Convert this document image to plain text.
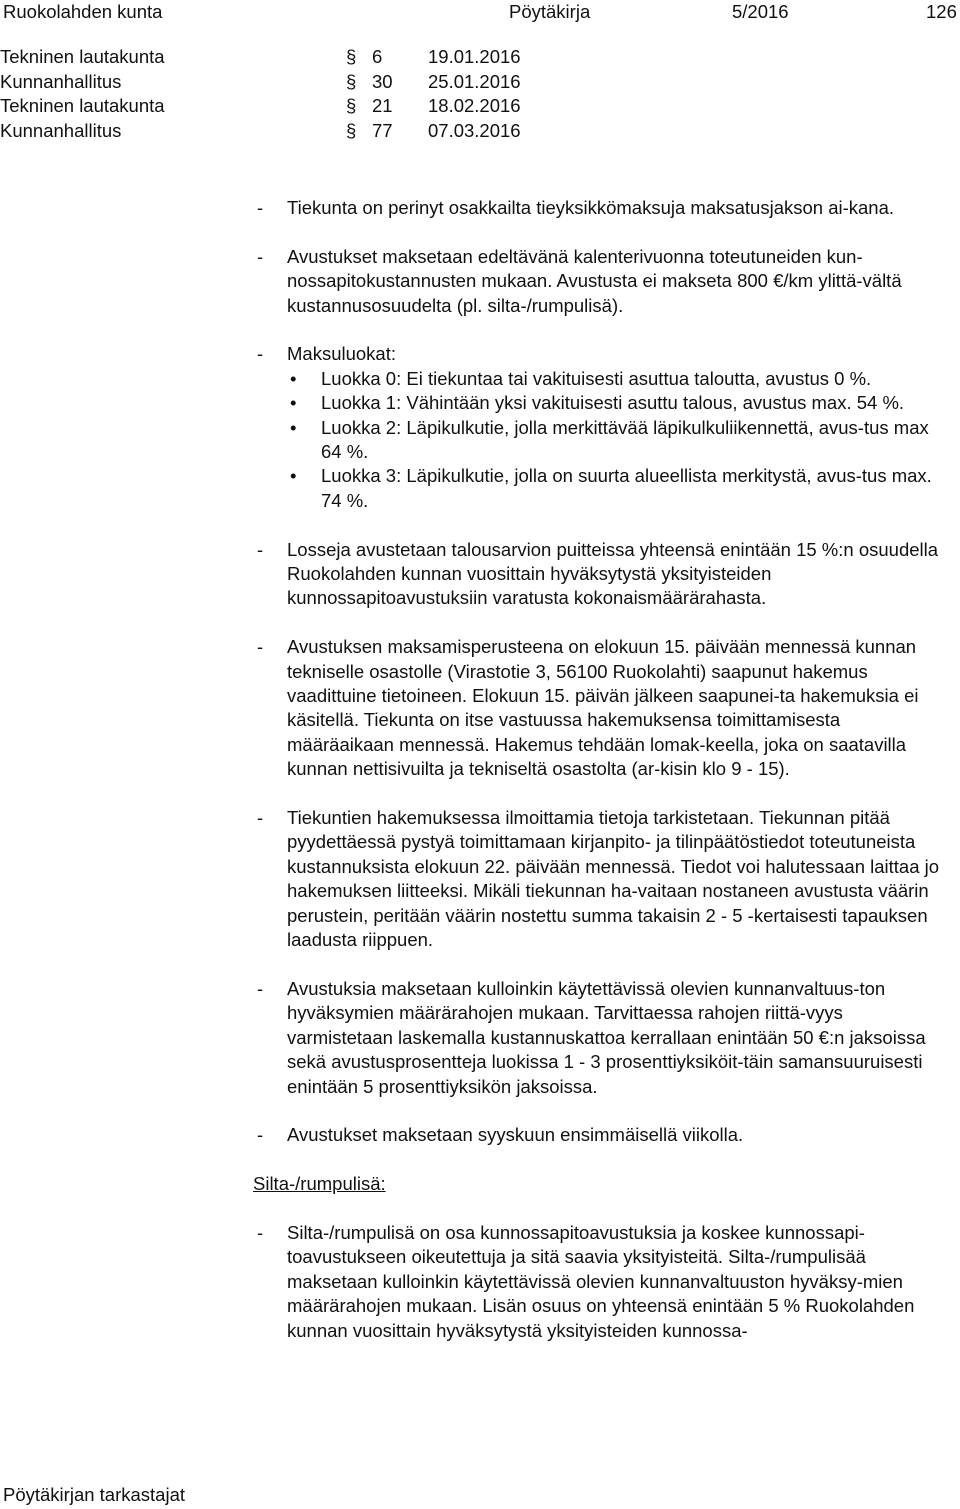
Ruokolahden kunta	Pöytäkirja	5/2016	126
Tekninen lautakunta	§ 6 19.01.2016
Kunnanhallitus	§ 30 25.01.2016
Tekninen lautakunta	§ 21 18.02.2016
Kunnanhallitus	§ 77 07.03.2016
- Tiekunta on perinyt osakkailta tieyksikkömaksuja maksatusjakson ai-kana.
- Avustukset maksetaan edeltävänä kalenterivuonna toteutuneiden kun-nossapitokustannusten mukaan. Avustusta ei makseta 800 €/km ylittä-vältä kustannusosuudelta (pl. silta-/rumpulisä).
- Maksuluokat:
• Luokka 0: Ei tiekuntaa tai vakituisesti asuttua taloutta, avustus 0 %.
• Luokka 1: Vähintään yksi vakituisesti asuttu talous, avustus max. 54 %.
• Luokka 2: Läpikulkutie, jolla merkittävää läpikulkuliikennettä, avus-tus max 64 %.
• Luokka 3: Läpikulkutie, jolla on suurta alueellista merkitystä, avus-tus max. 74 %.
- Losseja avustetaan talousarvion puitteissa yhteensä enintään 15 %:n osuudella Ruokolahden kunnan vuosittain hyväksytystä yksityisteiden kunnossapitoavustuksiin varatusta kokonaismäärärahasta.
- Avustuksen maksamisperusteena on elokuun 15. päivään mennessä kunnan tekniselle osastolle (Virastotie 3, 56100 Ruokolahti) saapunut hakemus vaadittuine tietoineen. Elokuun 15. päivän jälkeen saapunei-ta hakemuksia ei käsitellä. Tiekunta on itse vastuussa hakemuksensa toimittamisesta määräaikaan mennessä. Hakemus tehdään lomak-keella, joka on saatavilla kunnan nettisivuilta ja tekniseltä osastolta (ar-kisin klo 9 - 15).
- Tiekuntien hakemuksessa ilmoittamia tietoja tarkistetaan. Tiekunnan pitää pyydettäessä pystyä toimittamaan kirjanpito- ja tilinpäätöstiedot toteutuneista kustannuksista elokuun 22. päivään mennessä. Tiedot voi halutessaan laittaa jo hakemuksen liitteeksi. Mikäli tiekunnan ha-vaitaan nostaneen avustusta väärin perustein, peritään väärin nostettu summa takaisin 2 - 5 -kertaisesti tapauksen laadusta riippuen.
- Avustuksia maksetaan kulloinkin käytettävissä olevien kunnanvaltuus-ton hyväksymien määrärahojen mukaan. Tarvittaessa rahojen riittä-vyys varmistetaan laskemalla kustannuskattoa kerrallaan enintään 50 €:n jaksoissa sekä avustusprosentteja luokissa 1 - 3 prosenttiyksiköit-täin samansuuruisesti enintään 5 prosenttiyksikön jaksoissa.
- Avustukset maksetaan syyskuun ensimmäisellä viikolla.
Silta-/rumpulisä:
- Silta-/rumpulisä on osa kunnossapitoavustuksia ja koskee kunnossapi-toavustukseen oikeutettuja ja sitä saavia yksityisteitä. Silta-/rumpulisää maksetaan kulloinkin käytettävissä olevien kunnanvaltuuston hyväksy-mien määrärahojen mukaan. Lisän osuus on yhteensä enintään 5 % Ruokolahden kunnan vuosittain hyväksytystä yksityisteiden kunnossa-
Pöytäkirjan tarkastajat
